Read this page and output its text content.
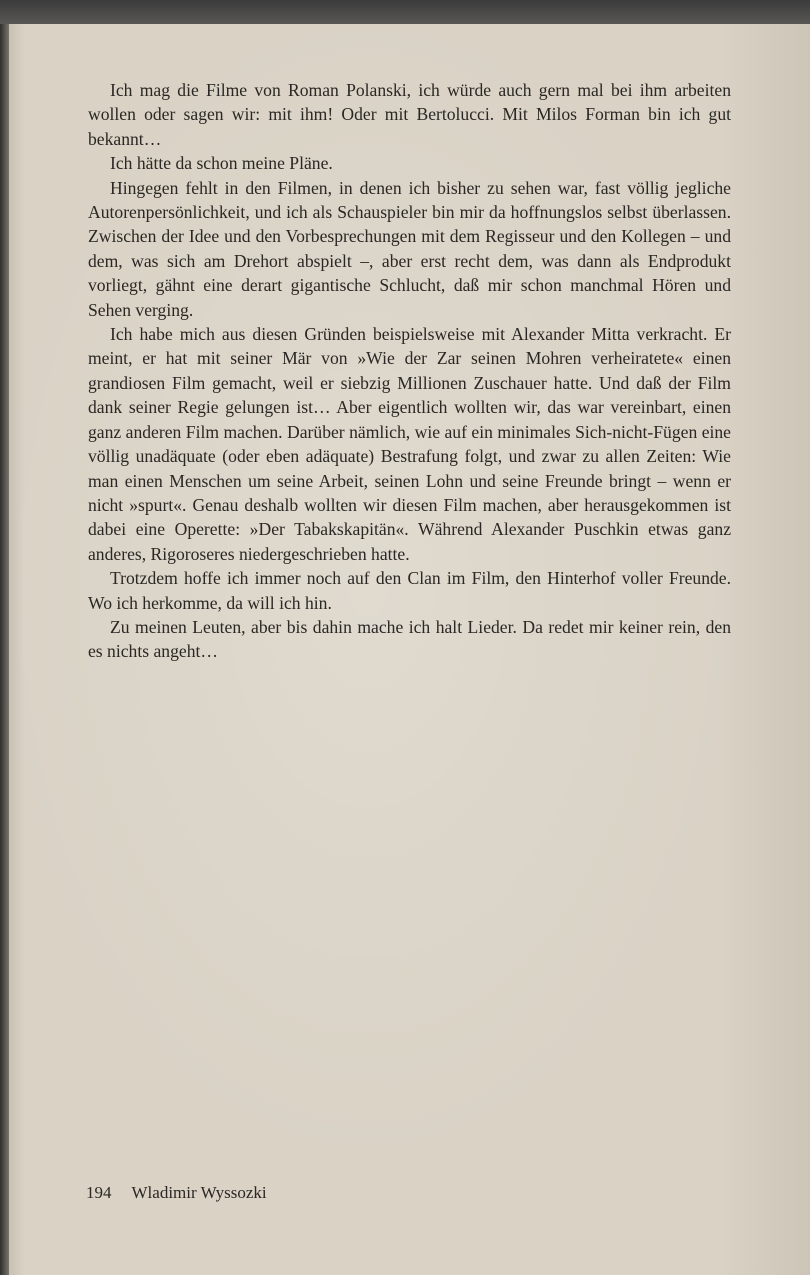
Ich mag die Filme von Roman Polanski, ich würde auch gern mal bei ihm arbeiten wollen oder sagen wir: mit ihm! Oder mit Bertolucci. Mit Milos Forman bin ich gut bekannt…

Ich hätte da schon meine Pläne.

Hingegen fehlt in den Filmen, in denen ich bisher zu sehen war, fast völlig jegliche Autorenpersönlichkeit, und ich als Schauspieler bin mir da hoffnungslos selbst überlassen. Zwischen der Idee und den Vorbesprechungen mit dem Regisseur und den Kollegen – und dem, was sich am Drehort abspielt –, aber erst recht dem, was dann als Endprodukt vorliegt, gähnt eine derart gigantische Schlucht, daß mir schon manchmal Hören und Sehen verging.

Ich habe mich aus diesen Gründen beispielsweise mit Alexander Mitta verkracht. Er meint, er hat mit seiner Mär von »Wie der Zar seinen Mohren verheiratete« einen grandiosen Film gemacht, weil er siebzig Millionen Zuschauer hatte. Und daß der Film dank seiner Regie gelungen ist… Aber eigentlich wollten wir, das war vereinbart, einen ganz anderen Film machen. Darüber nämlich, wie auf ein minimales Sich-nicht-Fügen eine völlig unadäquate (oder eben adäquate) Bestrafung folgt, und zwar zu allen Zeiten: Wie man einen Menschen um seine Arbeit, seinen Lohn und seine Freunde bringt – wenn er nicht »spurt«. Genau deshalb wollten wir diesen Film machen, aber herausgekommen ist dabei eine Operette: »Der Tabakskapitän«. Während Alexander Puschkin etwas ganz anderes, Rigoroseres niedergeschrieben hatte.

Trotzdem hoffe ich immer noch auf den Clan im Film, den Hinterhof voller Freunde. Wo ich herkomme, da will ich hin.

Zu meinen Leuten, aber bis dahin mache ich halt Lieder. Da redet mir keiner rein, den es nichts angeht…

194 Wladimir Wyssozki
